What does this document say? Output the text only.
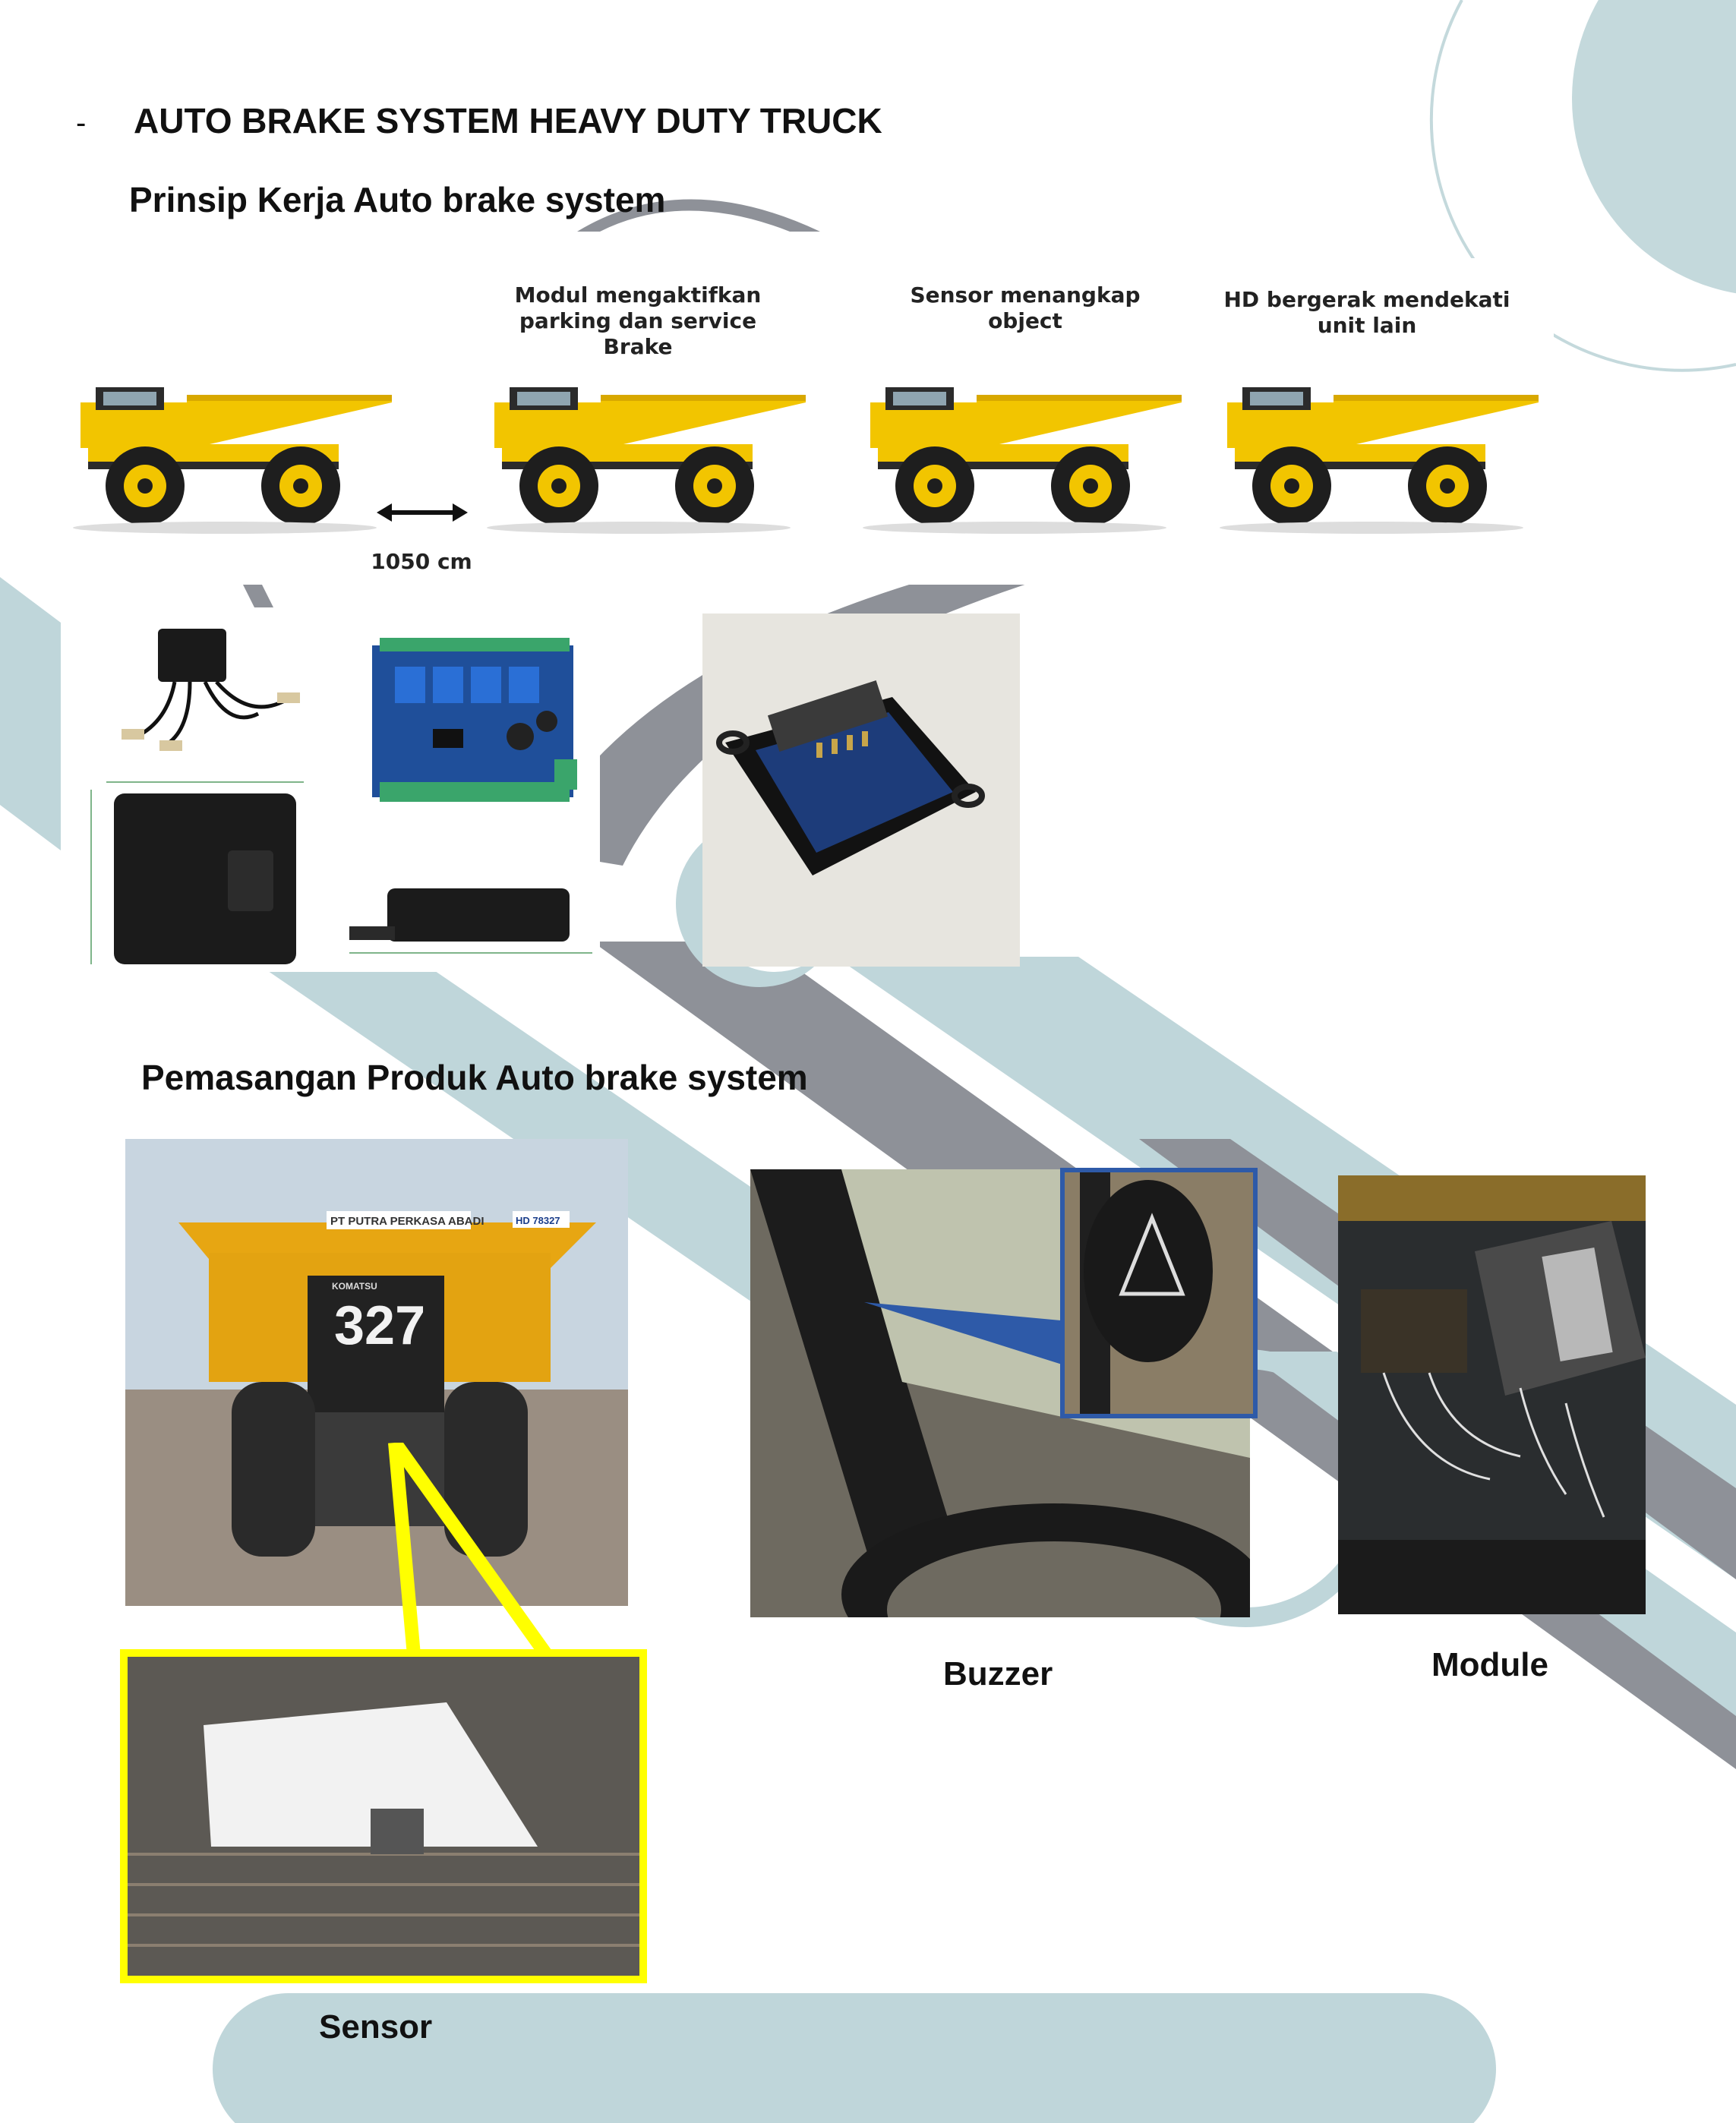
- AUTO BRAKE SYSTEM HEAVY DUTY TRUCK
Prinsip Kerja Auto brake system
Modul mengaktifkan parking dan service Brake
Sensor menangkap object
HD bergerak mendekati unit lain
1050 cm
Pemasangan Produk Auto brake system
PT PUTRA PERKASA ABADI	HD 78327
KOMATSU
327
Buzzer	Module
Sensor
